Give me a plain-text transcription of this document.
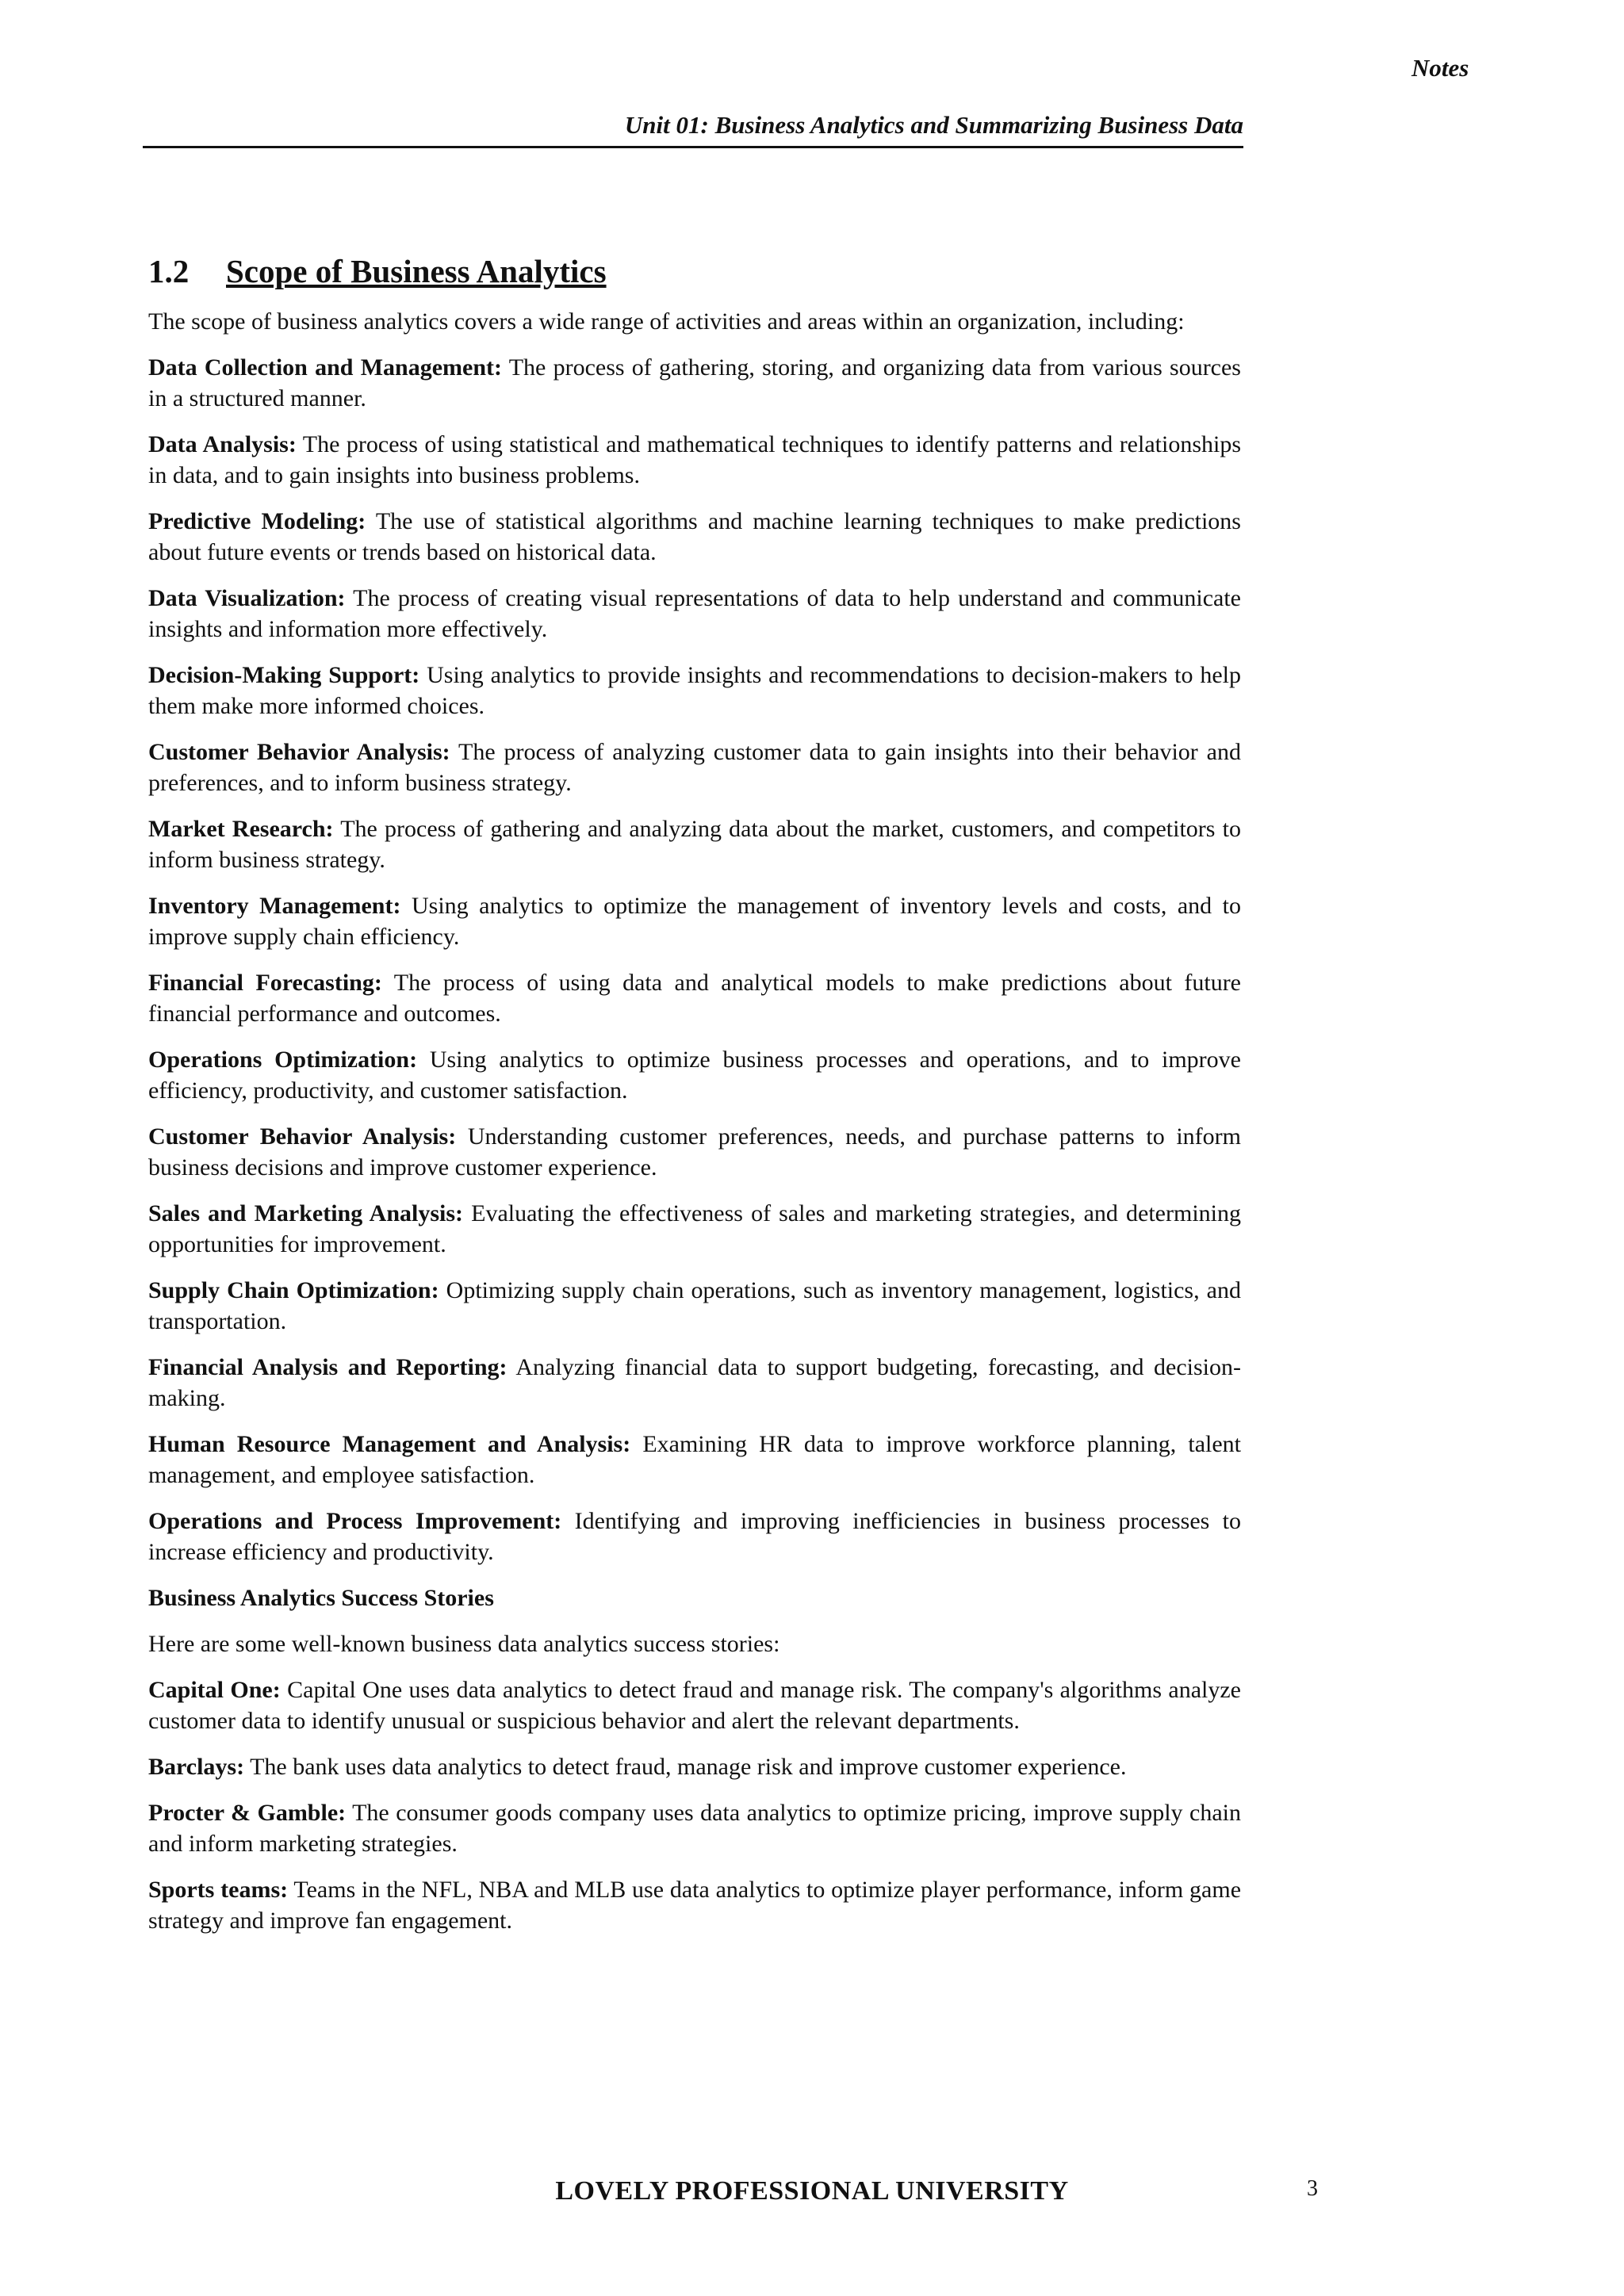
Notes
Unit 01: Business Analytics and Summarizing Business Data
1.2 Scope of Business Analytics

The scope of business analytics covers a wide range of activities and areas within an organization, including:

Data Collection and Management: The process of gathering, storing, and organizing data from various sources in a structured manner.

Data Analysis: The process of using statistical and mathematical techniques to identify patterns and relationships in data, and to gain insights into business problems.

Predictive Modeling: The use of statistical algorithms and machine learning techniques to make predictions about future events or trends based on historical data.

Data Visualization: The process of creating visual representations of data to help understand and communicate insights and information more effectively.

Decision-Making Support: Using analytics to provide insights and recommendations to decision-makers to help them make more informed choices.

Customer Behavior Analysis: The process of analyzing customer data to gain insights into their behavior and preferences, and to inform business strategy.

Market Research: The process of gathering and analyzing data about the market, customers, and competitors to inform business strategy.

Inventory Management: Using analytics to optimize the management of inventory levels and costs, and to improve supply chain efficiency.

Financial Forecasting: The process of using data and analytical models to make predictions about future financial performance and outcomes.

Operations Optimization: Using analytics to optimize business processes and operations, and to improve efficiency, productivity, and customer satisfaction.

Customer Behavior Analysis: Understanding customer preferences, needs, and purchase patterns to inform business decisions and improve customer experience.

Sales and Marketing Analysis: Evaluating the effectiveness of sales and marketing strategies, and determining opportunities for improvement.

Supply Chain Optimization: Optimizing supply chain operations, such as inventory management, logistics, and transportation.

Financial Analysis and Reporting: Analyzing financial data to support budgeting, forecasting, and decision-making.

Human Resource Management and Analysis: Examining HR data to improve workforce planning, talent management, and employee satisfaction.

Operations and Process Improvement: Identifying and improving inefficiencies in business processes to increase efficiency and productivity.

Business Analytics Success Stories

Here are some well-known business data analytics success stories:

Capital One: Capital One uses data analytics to detect fraud and manage risk. The company's algorithms analyze customer data to identify unusual or suspicious behavior and alert the relevant departments.

Barclays: The bank uses data analytics to detect fraud, manage risk and improve customer experience.

Procter & Gamble: The consumer goods company uses data analytics to optimize pricing, improve supply chain and inform marketing strategies.

Sports teams: Teams in the NFL, NBA and MLB use data analytics to optimize player performance, inform game strategy and improve fan engagement.

LOVELY PROFESSIONAL UNIVERSITY	3
